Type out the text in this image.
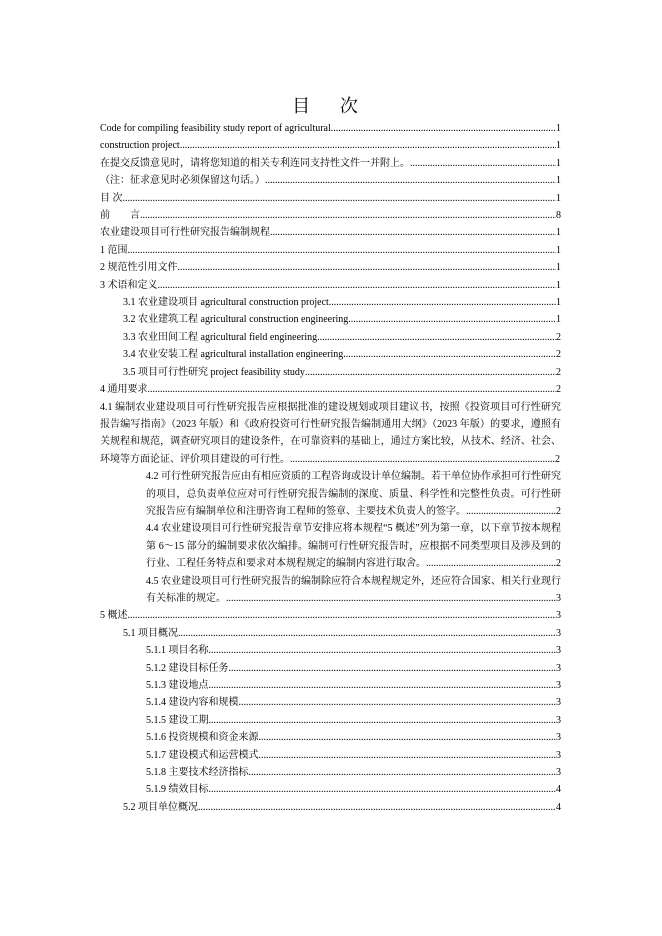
目 次
Code for compiling feasibility study report of agricultural .....	1
construction project .....	1
在提交反馈意见时，请将您知道的相关专利连同支持性文件一并附上。 .....	1
（注：征求意见时必须保留这句话。） .....	1
目 次 .....	1
前　　言 .....	8
农业建设项目可行性研究报告编制规程 .....	1
1 范围 .....	1
2 规范性引用文件 .....	1
3 术语和定义 .....	1
3.1 农业建设项目 agricultural construction project .....	1
3.2 农业建筑工程 agricultural construction engineering .....	1
3.3 农业田间工程 agricultural field engineering .....	2
3.4 农业安装工程 agricultural installation engineering .....	2
3.5 项目可行性研究 project feasibility study .....	2
4 通用要求 .....	2
4.1 编制农业建设项目可行性研究报告应根据批准的建设规划或项目建议书，按照《投资项目可行性研究报告编写指南》（2023 年版）和《政府投资可行性研究报告编制通用大纲》（2023 年版）的要求，遵照有关规程和规范，调查研究项目的建设条件，在可靠资料的基础上，通过方案比较，从技术、经济、社会、环境等方面论证、评价项目建设的可行性。..........................................................................................................2
4.2 可行性研究报告应由有相应资质的工程咨询或设计单位编制。若干单位协作承担可行性研究的项目，总负责单位应对可行性研究报告编制的深度、质量、科学性和完整性负责。可行性研究报告应有编制单位和注册咨询工程师的签章、主要技术负责人的签字。....................................2
4.4 农业建设项目可行性研究报告章节安排应将本规程“5 概述”列为第一章，以下章节按本规程第 6～15 部分的编制要求依次编排。编制可行性研究报告时，应根据不同类型项目及涉及到的行业、工程任务特点和要求对本规程规定的编制内容进行取舍。....................................................2
4.5 农业建设项目可行性研究报告的编制除应符合本规程规定外，还应符合国家、相关行业现行有关标准的规定。....................................................................................................................................3
5 概述 .....	3
5.1 项目概况 .....	3
5.1.1 项目名称 .....	3
5.1.2 建设目标任务 .....	3
5.1.3 建设地点 .....	3
5.1.4 建设内容和规模 .....	3
5.1.5 建设工期 .....	3
5.1.6 投资规模和资金来源 .....	3
5.1.7 建设模式和运营模式 .....	3
5.1.8 主要技术经济指标 .....	3
5.1.9 绩效目标 .....	4
5.2 项目单位概况 .....	4
